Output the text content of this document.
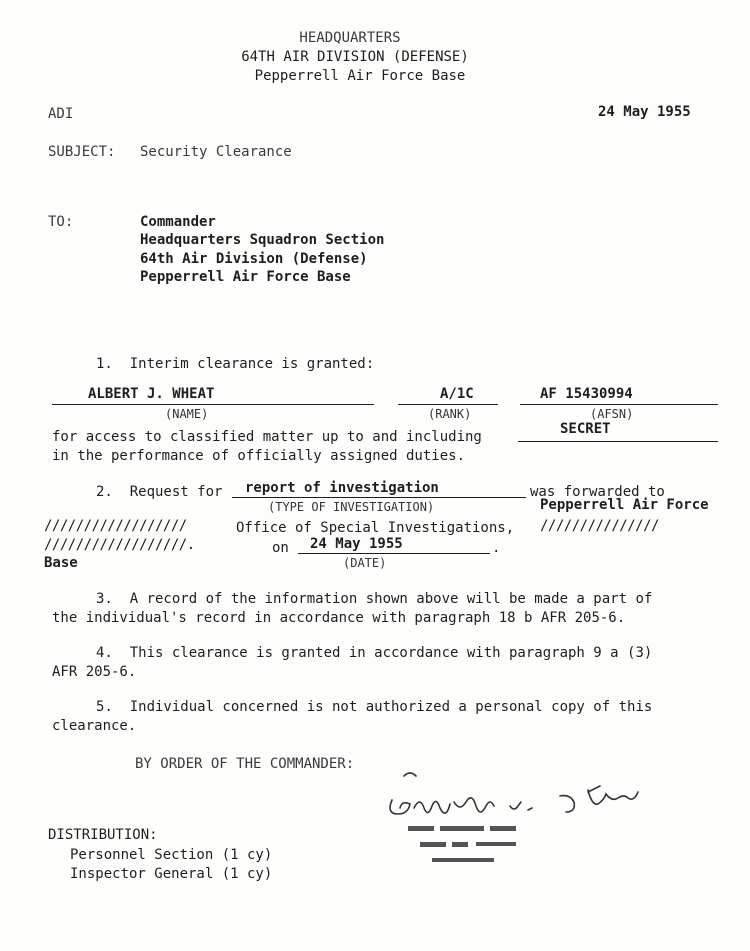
HEADQUARTERS
64TH AIR DIVISION (DEFENSE)
Pepperrell Air Force Base
ADI	24 May 1955
SUBJECT: Security Clearance
TO:	Commander
Headquarters Squadron Section
64th Air Division (Defense)
Pepperrell Air Force Base
1.  Interim clearance is granted:
ALBERT J. WHEAT	A/1C	AF 15430994
(NAME)	(RANK)	(AFSN)
for access to classified matter up to and including	SECRET
in the performance of officially assigned duties.
2.  Request for report of investigation	was forwarded to
(TYPE OF INVESTIGATION)	Pepperrell Air Force
//////////////////	Office of Special Investigations, ///////////////
//////////////////.	on 24 May 1955	.
(DATE)
Base
3.  A record of the information shown above will be made a part of
the individual's record in accordance with paragraph 18 b AFR 205-6.
4.  This clearance is granted in accordance with paragraph 9 a (3)
AFR 205-6.
5.  Individual concerned is not authorized a personal copy of this
clearance.
BY ORDER OF THE COMMANDER:
DISTRIBUTION:
Personnel Section (1 cy)
Inspector General (1 cy)
